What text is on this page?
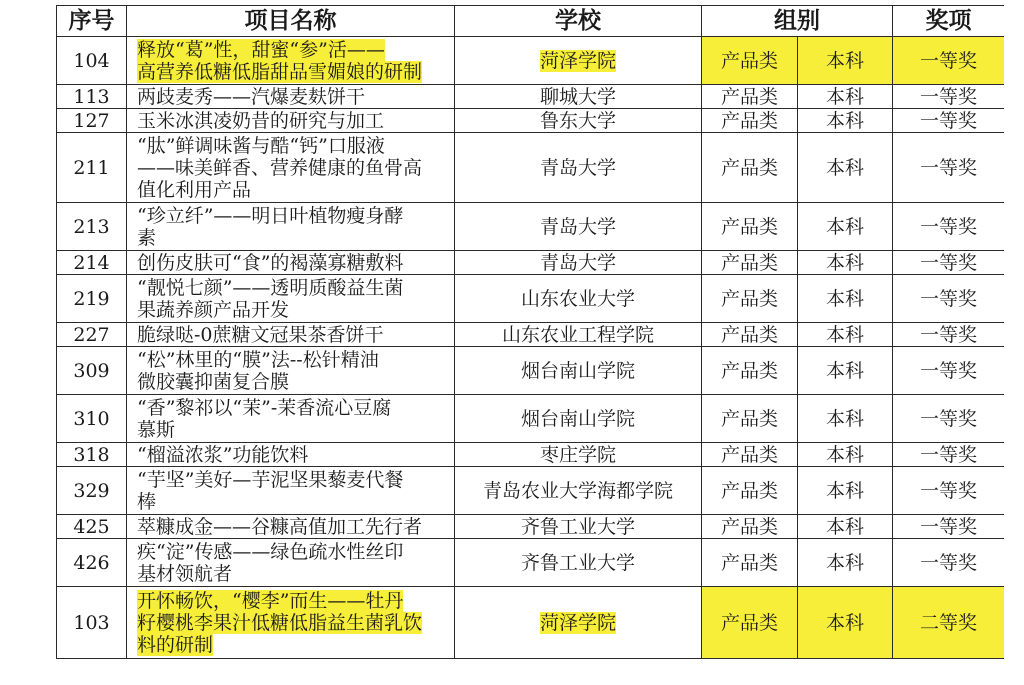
序号	项目名称	学校	组别		奖项
104	释放“葛”性，甜蜜“参”活——
高营养低糖低脂甜品雪媚娘的研制	菏泽学院	产品类	本科	一等奖
113	两歧麦秀——汽爆麦麸饼干	聊城大学	产品类	本科	一等奖
127	玉米冰淇凌奶昔的研究与加工	鲁东大学	产品类	本科	一等奖
211	“肽”鲜调味酱与酷“钙”口服液
——味美鲜香、营养健康的鱼骨高
值化利用产品	青岛大学	产品类	本科	一等奖
213	“珍立纤”——明日叶植物瘦身酵
素	青岛大学	产品类	本科	一等奖
214	创伤皮肤可“食”的褐藻寡糖敷料	青岛大学	产品类	本科	一等奖
219	“靓悦七颜”——透明质酸益生菌
果蔬养颜产品开发	山东农业大学	产品类	本科	一等奖
227	脆绿哒-0蔗糖文冠果茶香饼干	山东农业工程学院	产品类	本科	一等奖
309	“松”林里的“膜”法--松针精油
微胶囊抑菌复合膜	烟台南山学院	产品类	本科	一等奖
310	“香”黎祁以“茉”-茉香流心豆腐
慕斯	烟台南山学院	产品类	本科	一等奖
318	“榴溢浓浆”功能饮料	枣庄学院	产品类	本科	一等奖
329	“芋坚”美好—芋泥坚果藜麦代餐
棒	青岛农业大学海都学院	产品类	本科	一等奖
425	萃糠成金——谷糠高值加工先行者	齐鲁工业大学	产品类	本科	一等奖
426	疾“淀”传感——绿色疏水性丝印
基材领航者	齐鲁工业大学	产品类	本科	一等奖
103	开怀畅饮，“樱李”而生——牡丹
籽樱桃李果汁低糖低脂益生菌乳饮
料的研制	菏泽学院	产品类	本科	二等奖
